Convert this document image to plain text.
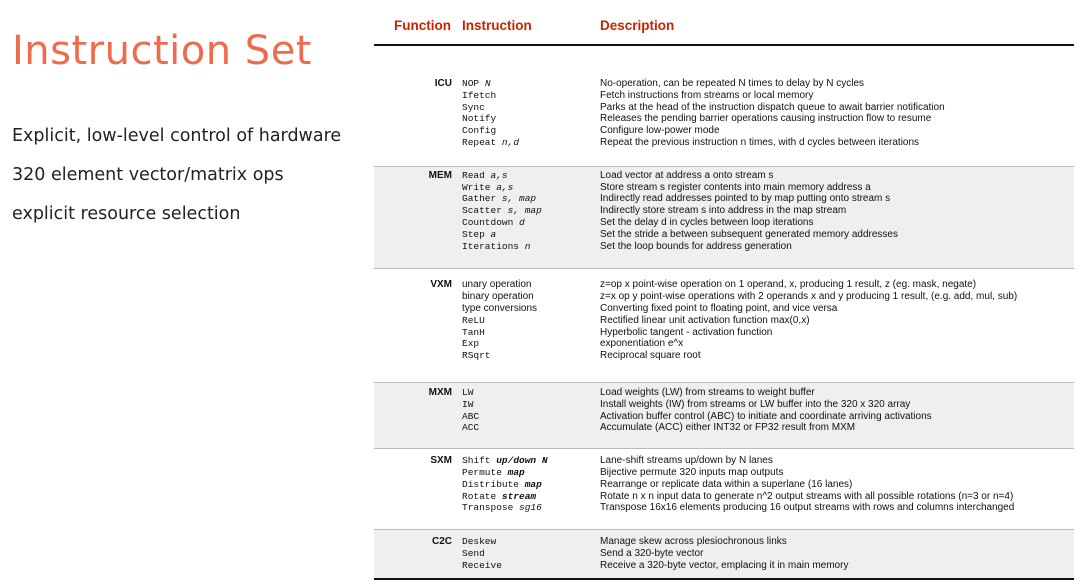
Instruction Set
Explicit, low-level control of hardware
320 element vector/matrix ops
explicit resource selection
Function Instruction	Description
ICU NOP N	No-operation, can be repeated N times to delay by N cycles
Ifetch	Fetch instructions from streams or local memory
Sync	Parks at the head of the instruction dispatch queue to await barrier notification
Notify	Releases the pending barrier operations causing instruction flow to resume
Config	Configure low-power mode
Repeat n,d	Repeat the previous instruction n times, with d cycles between iterations
MEM Read a,s	Load vector at address a onto stream s
Write a,s	Store stream s register contents into main memory address a
Gather s, map	Indirectly read addresses pointed to by map putting onto stream s
Scatter s, map	Indirectly store stream s into address in the map stream
Countdown d	Set the delay d in cycles between loop iterations
Step a	Set the stride a between subsequent generated memory addresses
Iterations n	Set the loop bounds for address generation
VXM unary operation	z=op x point-wise operation on 1 operand, x, producing 1 result, z (eg. mask, negate)
binary operation	z=x op y point-wise operations with 2 operands x and y producing 1 result, (e.g. add, mul, sub)
type conversions	Converting fixed point to floating point, and vice versa
ReLU	Rectified linear unit activation function max(0,x)
TanH	Hyperbolic tangent - activation function
Exp	exponentiation e^x
RSqrt	Reciprocal square root
MXM LW	Load weights (LW) from streams to weight buffer
IW	Install weights (IW) from streams or LW buffer into the 320 x 320 array
ABC	Activation buffer control (ABC) to initiate and coordinate arriving activations
ACC	Accumulate (ACC) either INT32 or FP32 result from MXM
SXM Shift up/down N	Lane-shift streams up/down by N lanes
Permute map	Bijective permute 320 inputs map outputs
Distribute map	Rearrange or replicate data within a superlane (16 lanes)
Rotate stream	Rotate n x n input data to generate n^2 output streams with all possible rotations (n=3 or n=4)
Transpose sg16	Transpose 16x16 elements producing 16 output streams with rows and columns interchanged
C2C Deskew	Manage skew across plesiochronous links
Send	Send a 320-byte vector
Receive	Receive a 320-byte vector, emplacing it in main memory
